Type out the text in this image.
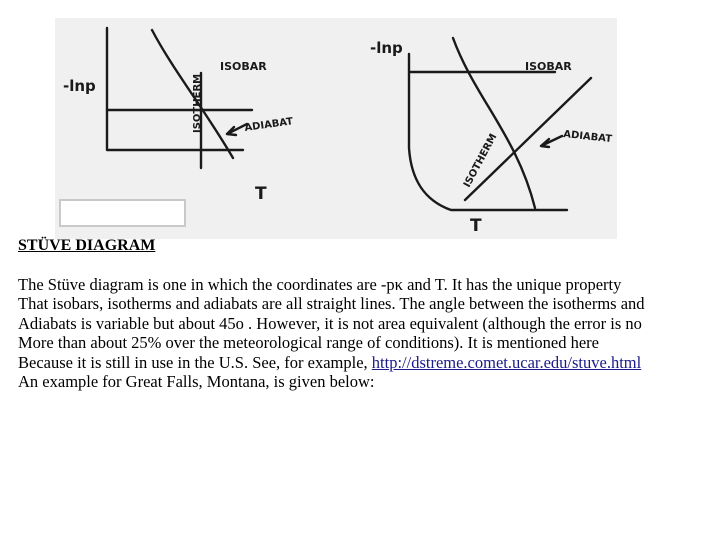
-lnp
T
ISOBAR
ISOTHERM	ADIABAT
-lnp
T
ISOBAR
ISOTHERM	ADIABAT
STÜVE DIAGRAM
The Stüve diagram is one in which the coordinates are -pκ and T. It has the unique property
That isobars, isotherms and adiabats are all straight lines. The angle between the isotherms and
Adiabats is variable but about 45o . However, it is not area equivalent (although the error is no
More than about 25% over the meteorological range of conditions). It is mentioned here
Because it is still in use in the U.S. See, for example, http://dstreme.comet.ucar.edu/stuve.html
An example for Great Falls, Montana, is given below:
